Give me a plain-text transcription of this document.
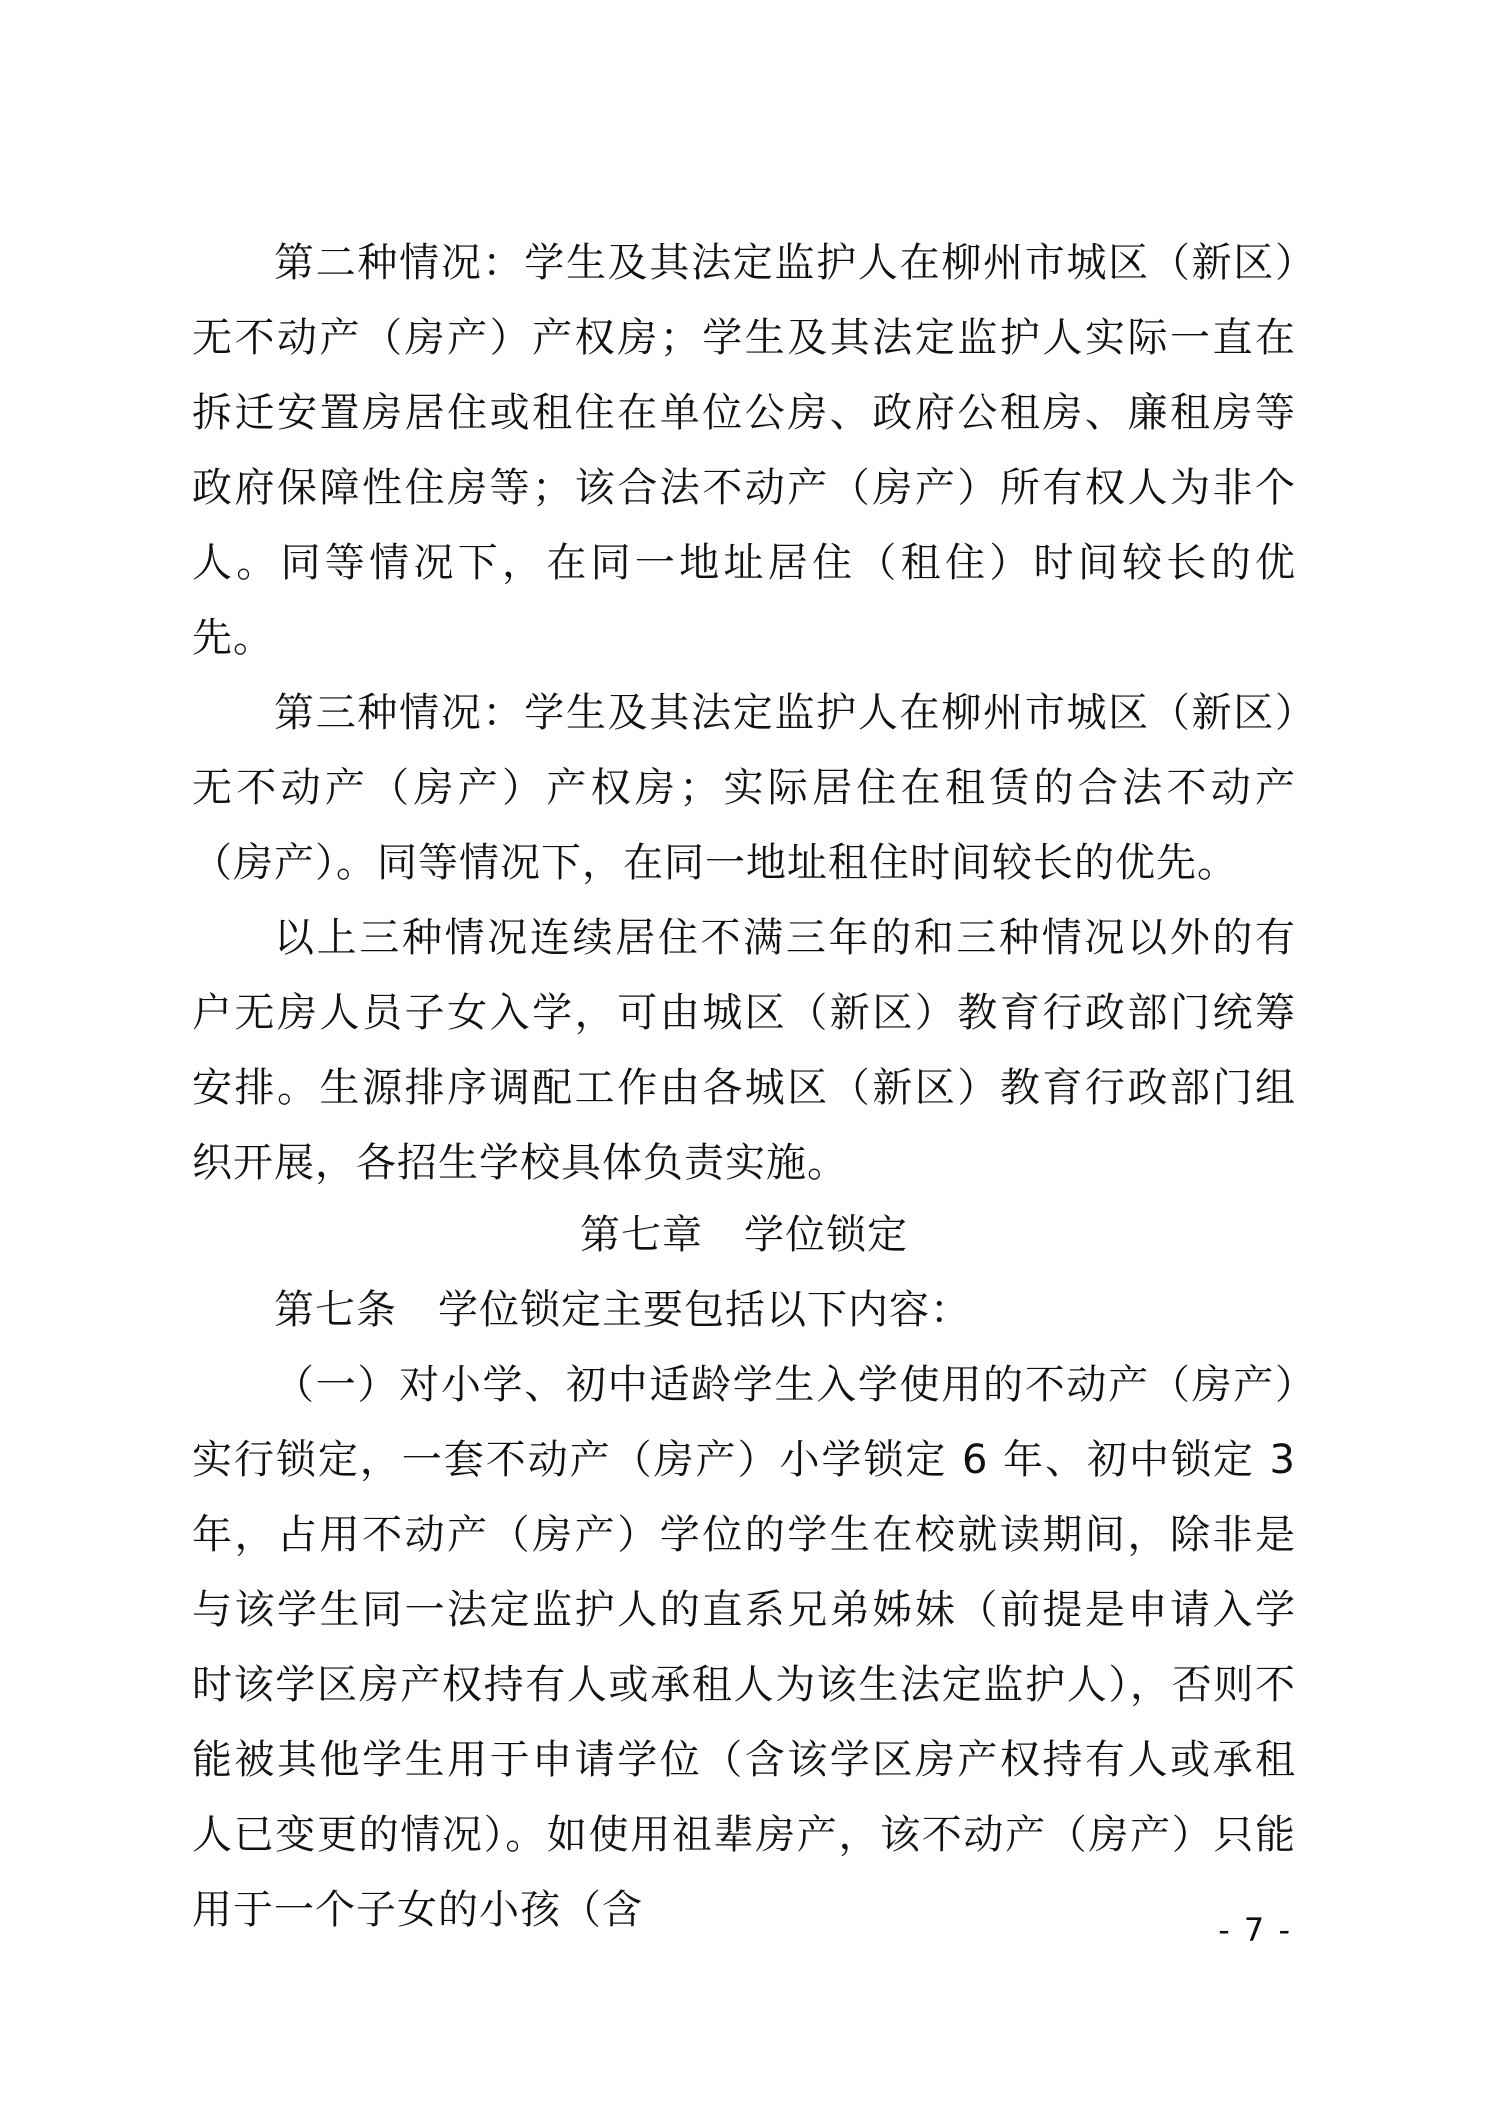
第二种情况：学生及其法定监护人在柳州市城区（新区）无不动产（房产）产权房；学生及其法定监护人实际一直在拆迁安置房居住或租住在单位公房、政府公租房、廉租房等政府保障性住房等；该合法不动产（房产）所有权人为非个人。同等情况下，在同一地址居住（租住）时间较长的优先。

第三种情况：学生及其法定监护人在柳州市城区（新区）无不动产（房产）产权房；实际居住在租赁的合法不动产（房产）。同等情况下，在同一地址租住时间较长的优先。

以上三种情况连续居住不满三年的和三种情况以外的有户无房人员子女入学，可由城区（新区）教育行政部门统筹安排。生源排序调配工作由各城区（新区）教育行政部门组织开展，各招生学校具体负责实施。

第七章　学位锁定

第七条　学位锁定主要包括以下内容：

（一）对小学、初中适龄学生入学使用的不动产（房产）实行锁定，一套不动产（房产）小学锁定 6 年、初中锁定 3 年，占用不动产（房产）学位的学生在校就读期间，除非是与该学生同一法定监护人的直系兄弟姊妹（前提是申请入学时该学区房产权持有人或承租人为该生法定监护人），否则不能被其他学生用于申请学位（含该学区房产权持有人或承租人已变更的情况）。如使用祖辈房产，该不动产（房产）只能用于一个子女的小孩（含	- 7 -
